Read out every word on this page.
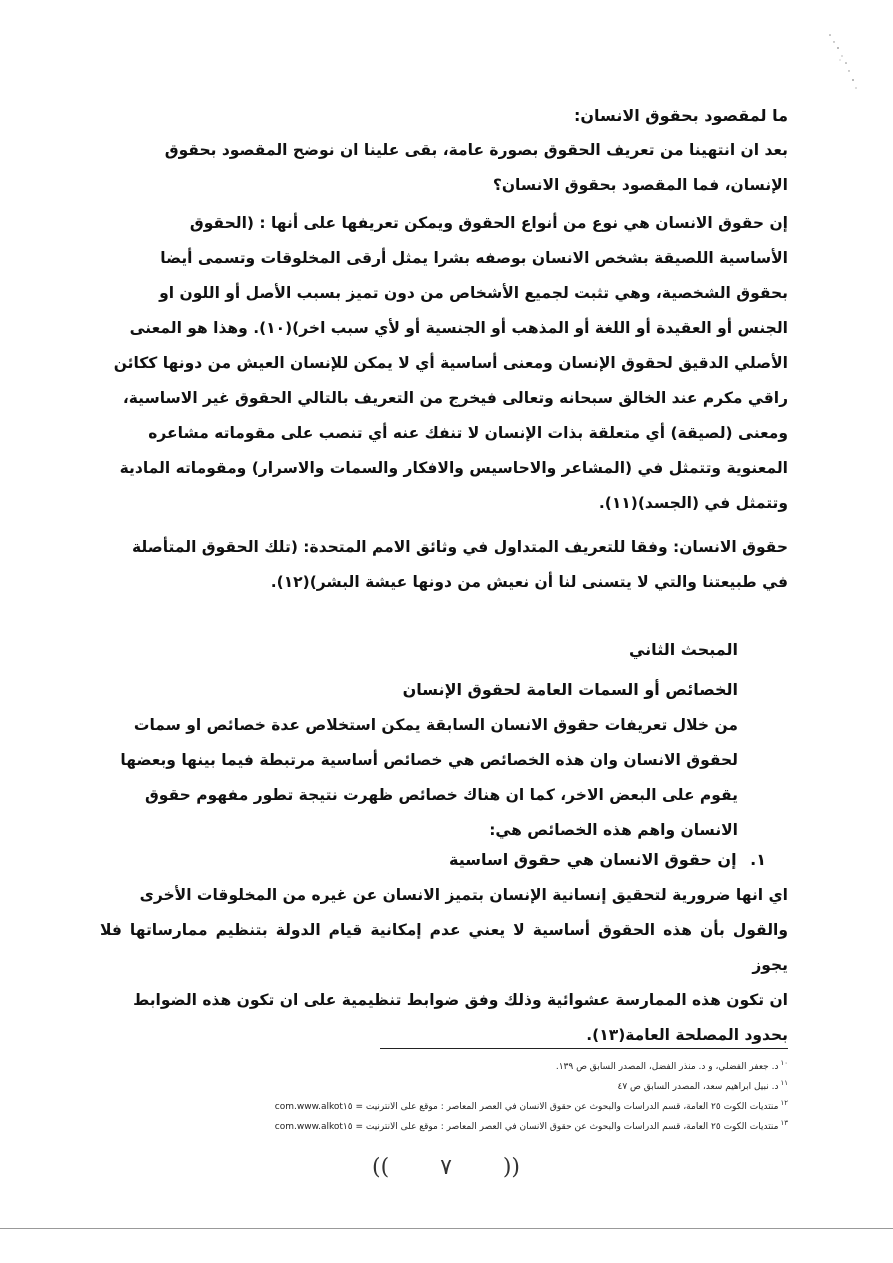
ما لمقصود بحقوق الانسان:
بعد ان انتهينا من تعريف الحقوق بصورة عامة، بقى علينا ان نوضح المقصود بحقوق
الإنسان، فما المقصود بحقوق الانسان؟
إن حقوق الانسان هي نوع من أنواع الحقوق ويمكن تعريفها على أنها : (الحقوق
الأساسية اللصيقة بشخص الانسان بوصفه بشرا يمثل أرقى المخلوقات وتسمى أيضا
بحقوق الشخصية، وهي تثبت لجميع الأشخاص من دون تميز بسبب الأصل أو اللون او
الجنس أو العقيدة أو اللغة أو المذهب أو الجنسية أو لأي سبب اخر)(١٠). وهذا هو المعنى
الأصلي الدقيق لحقوق الإنسان ومعنى أساسية أي لا يمكن للإنسان العيش من دونها ككائن
راقي مكرم عند الخالق سبحانه وتعالى فيخرج من التعريف بالتالي الحقوق غير الاساسية،
ومعنى (لصيقة) أي متعلقة بذات الإنسان لا تنفك عنه أي تنصب على مقوماته مشاعره
المعنوية وتتمثل في (المشاعر والاحاسيس والافكار والسمات والاسرار) ومقوماته المادية
وتتمثل في (الجسد)(١١).
حقوق الانسان: وفقا للتعريف المتداول في وثائق الامم المتحدة: (تلك الحقوق المتأصلة
في طبيعتنا والتي لا يتسنى لنا أن نعيش من دونها عيشة البشر)(١٢).
المبحث الثاني
الخصائص أو السمات العامة لحقوق الإنسان
من خلال تعريفات حقوق الانسان السابقة يمكن استخلاص عدة خصائص او سمات
لحقوق الانسان وان هذه الخصائص هي خصائص أساسية مرتبطة فيما بينها وبعضها
يقوم على البعض الاخر، كما ان هناك خصائص ظهرت نتيجة تطور مفهوم حقوق
الانسان واهم هذه الخصائص هي:
١. إن حقوق الانسان هي حقوق اساسية
اي انها ضرورية لتحقيق إنسانية الإنسان بتميز الانسان عن غيره من المخلوقات الأخرى
والقول بأن هذه الحقوق أساسية لا يعني عدم إمكانية قيام الدولة بتنظيم ممارساتها فلا يجوز
ان تكون هذه الممارسة عشوائية وذلك وفق ضوابط تنظيمية على ان تكون هذه الضوابط
بحدود المصلحة العامة(١٣).
$^{١٠}$د. جعفر الفضلي، و د. منذر الفضل، المصدر السابق ص ١٣٩.
$^{١١}$د. نبيل ابراهيم سعد، المصدر السابق ص ٤٧
$^{١٢}$منتديات الكوت ٢٥ العامة، قسم الدراسات والبحوث عن حقوق الانسان في العصر المعاصر : موقع على الانترنيت = www.alkot١٥.com
$^{١٣}$منتديات الكوت ٢٥ العامة، قسم الدراسات والبحوث عن حقوق الانسان في العصر المعاصر : موقع على الانترنيت = www.alkot١٥.com
(( ٧ ))
